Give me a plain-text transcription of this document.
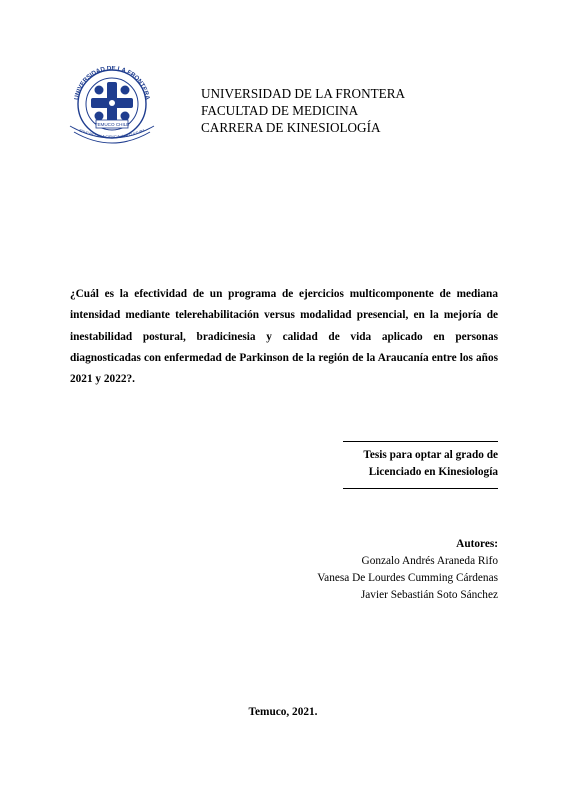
UNIVERSIDAD DE LA FRONTERA
TEMUCO CHILE
EDUCAR EN LA CIENCIA Y LA CULTURA
UNIVERSIDAD DE LA FRONTERA
FACULTAD DE MEDICINA
CARRERA DE KINESIOLOGÍA
¿Cuál es la efectividad de un programa de ejercicios multicomponente de mediana intensidad mediante telerehabilitación versus modalidad presencial, en la mejoría de inestabilidad postural, bradicinesia y calidad de vida aplicado en personas diagnosticadas con enfermedad de Parkinson de la región de la Araucanía entre los años 2021 y 2022?.
Tesis para optar al grado de
Licenciado en Kinesiología
Autores:
Gonzalo Andrés Araneda Rifo
Vanesa De Lourdes Cumming Cárdenas
Javier Sebastián Soto Sánchez
Temuco, 2021.
